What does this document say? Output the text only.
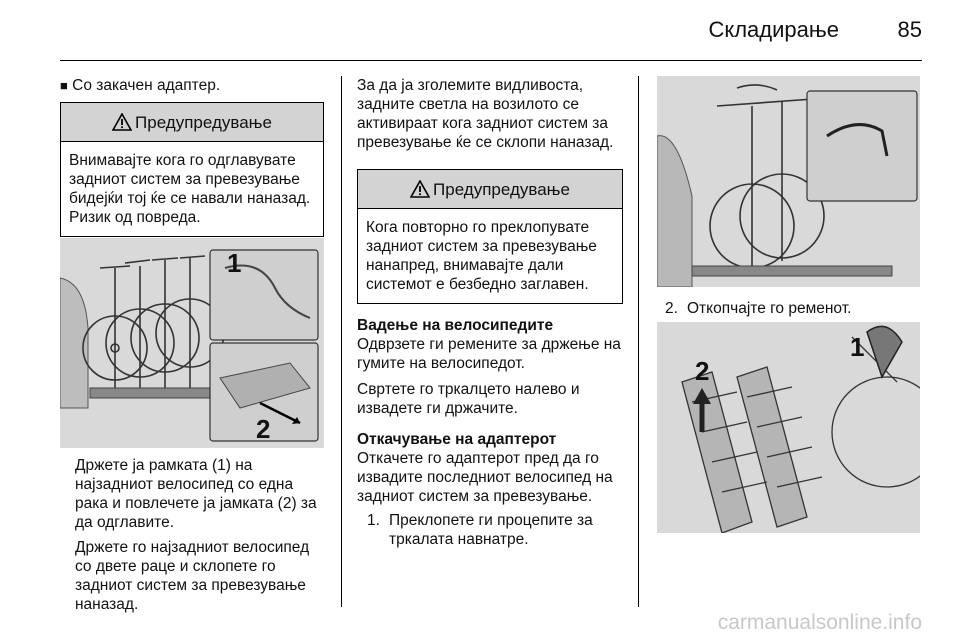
Складирање	85

■ Со закачен адаптер.

Предупредување
Внимавајте кога го одглавувате задниот систем за превезување бидејќи тој ќе се навали наназад. Ризик од повреда.
1
2

Држете ја рамката (1) на најзадниот велосипед со една рака и повлечете ја јамката (2) за да одглавите.

Држете го најзадниот велосипед со двете раце и склопете го задниот систем за превезување наназад.

За да ја зголемите видливоста, задните светла на возилото се активираат кога задниот систем за превезување ќе се склопи наназад.

Предупредување
Кога повторно го преклопувате задниот систем за превезување нанапред, внимавајте дали системот е безбедно заглавен.

Вадење на велосипедите

Одврзете ги ремените за држење на гумите на велосипедот.

Свртете го тркалцето налево и извадете ги држачите.

Откачување на адаптерот

Откачете го адаптерот пред да го извадите последниот велосипед на задниот систем за превезување.

1. Преклопете ги процепите за тркалата навнатре.
2. Откопчајте го ременот.
1
2
carmanualsonline.info
